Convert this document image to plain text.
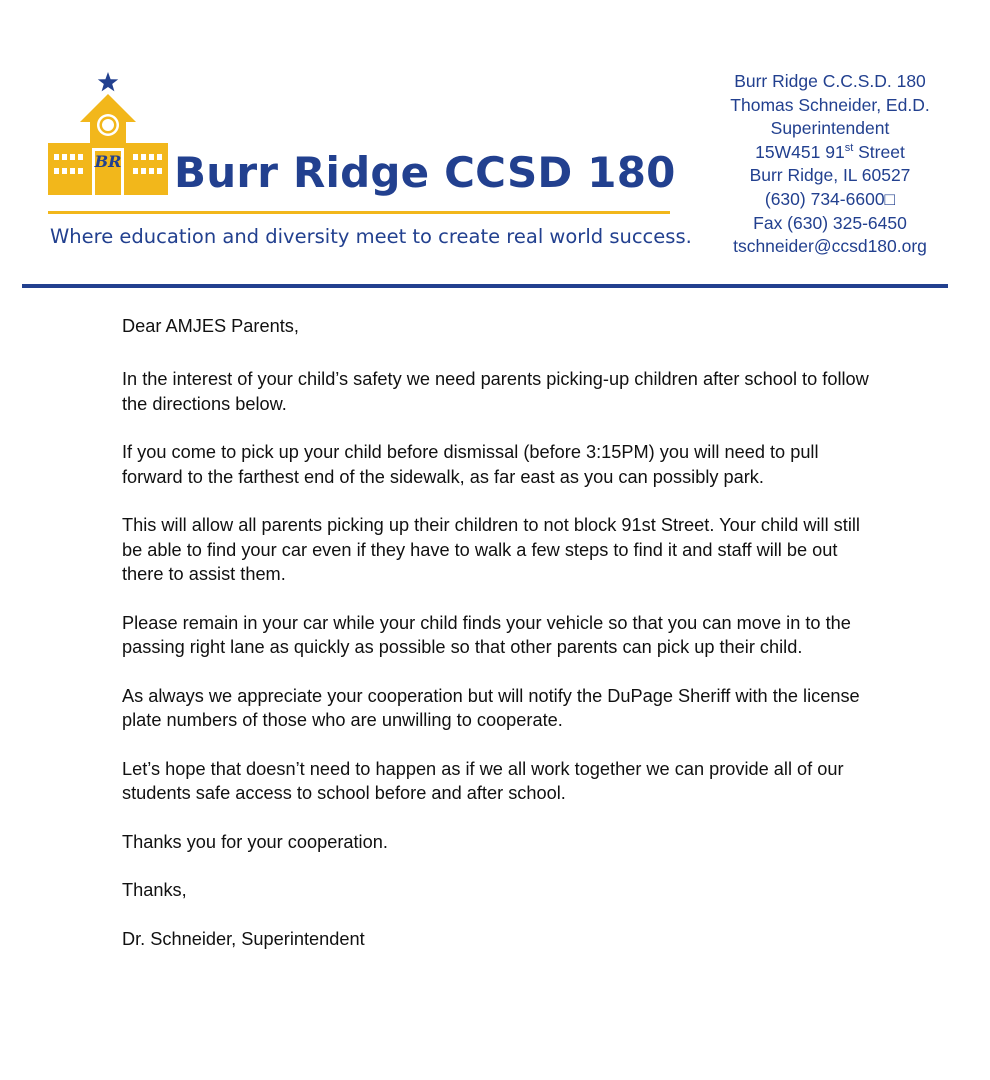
BR Burr Ridge CCSD 180
Where education and diversity meet to create real world success.
Burr Ridge C.C.S.D. 180
Thomas Schneider, Ed.D.
Superintendent
15W451 91st Street
Burr Ridge, IL 60527
(630) 734-6600□
Fax (630) 325-6450
tschneider@ccsd180.org

Dear AMJES Parents,

In the interest of your child’s safety we need parents picking-up children after school to follow the directions below.

If you come to pick up your child before dismissal (before 3:15PM) you will need to pull forward to the farthest end of the sidewalk, as far east as you can possibly park.

This will allow all parents picking up their children to not block 91st Street. Your child will still be able to find your car even if they have to walk a few steps to find it and staff will be out there to assist them.

Please remain in your car while your child finds your vehicle so that you can move in to the passing right lane as quickly as possible so that other parents can pick up their child.

As always we appreciate your cooperation but will notify the DuPage Sheriff with the license plate numbers of those who are unwilling to cooperate.

Let’s hope that doesn’t need to happen as if we all work together we can provide all of our students safe access to school before and after school.

Thanks you for your cooperation.

Thanks,

Dr. Schneider, Superintendent
